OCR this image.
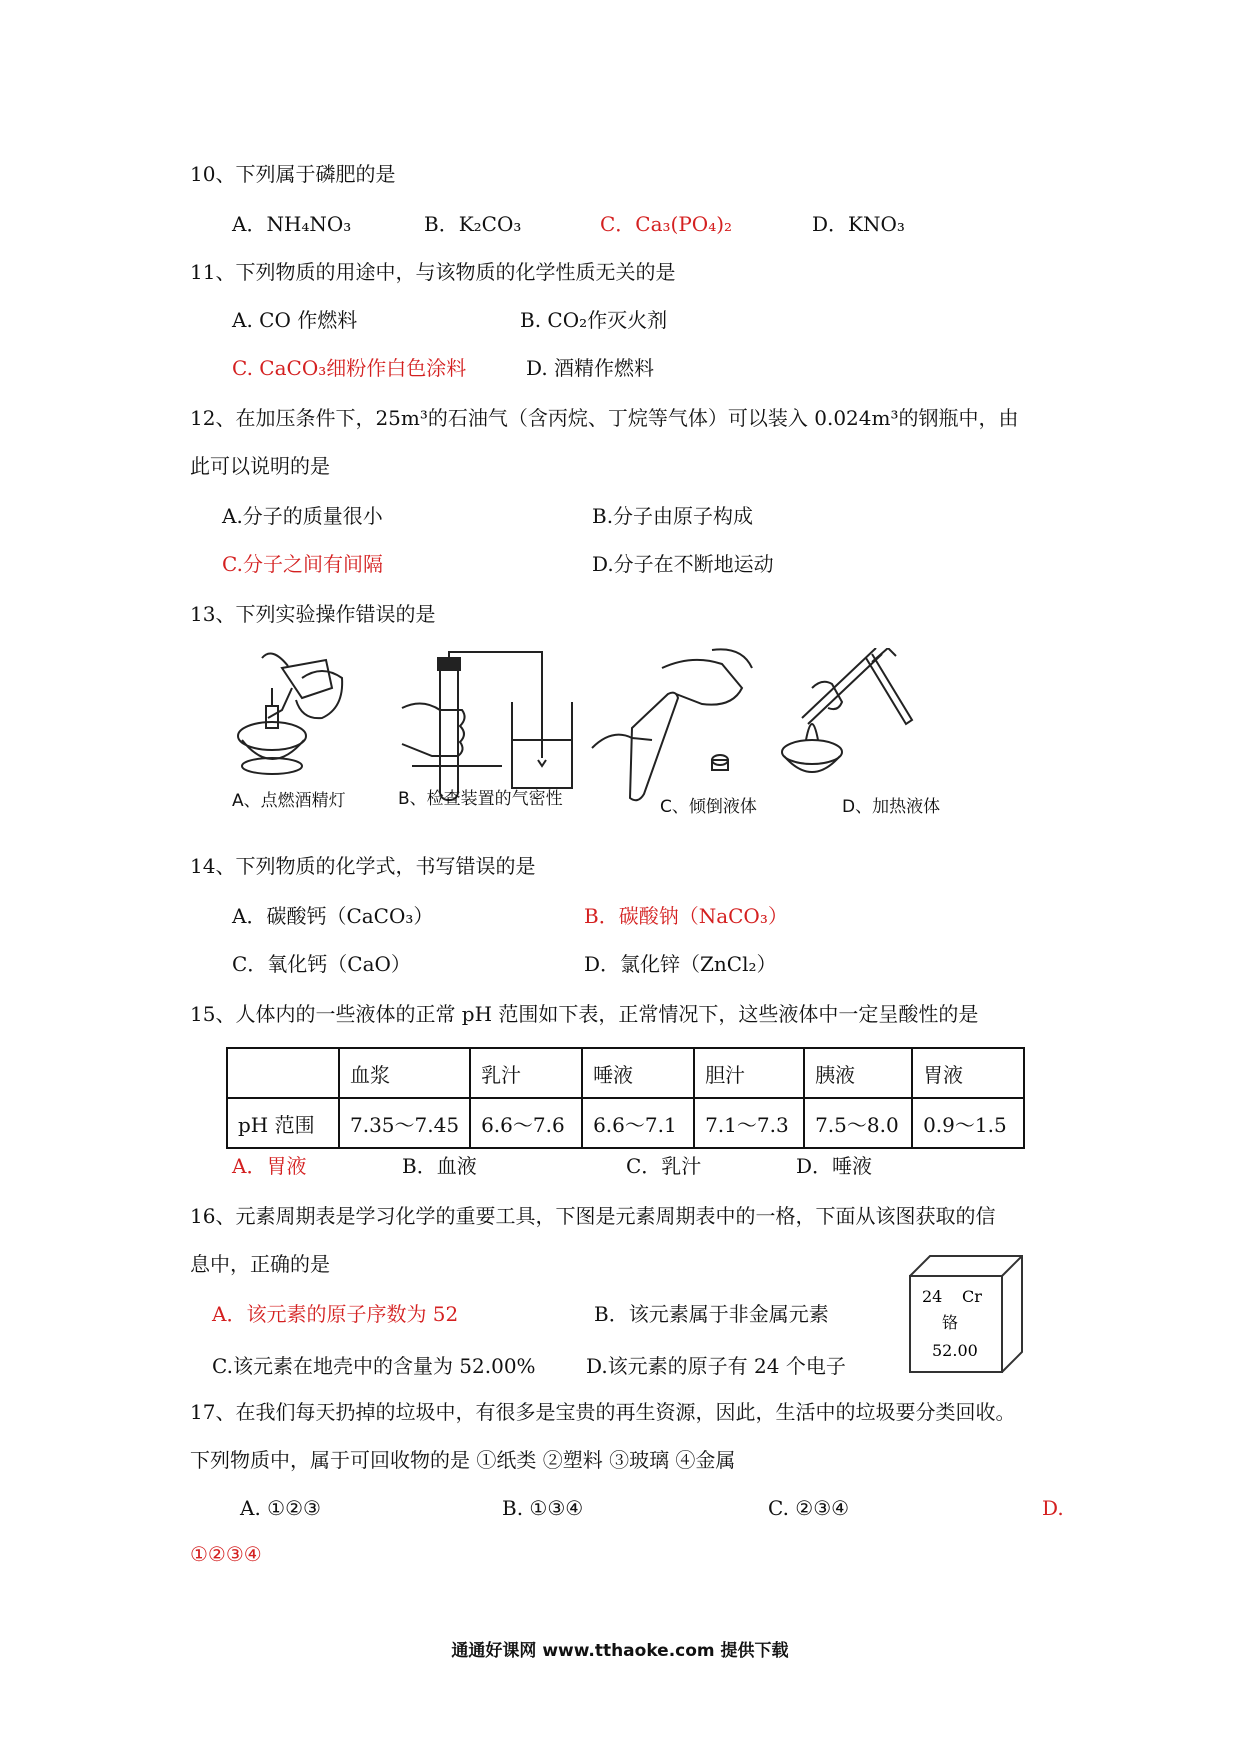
10、下列属于磷肥的是
A．NH₄NO₃	B．K₂CO₃	C．Ca₃(PO₄)₂	D．KNO₃
11、下列物质的用途中，与该物质的化学性质无关的是
A. CO 作燃料	B. CO₂作灭火剂
C. CaCO₃细粉作白色涂料	D. 酒精作燃料
12、在加压条件下，25m³的石油气（含丙烷、丁烷等气体）可以装入 0.024m³的钢瓶中，由
此可以说明的是
A.分子的质量很小	B.分子由原子构成
C.分子之间有间隔	D.分子在不断地运动
13、下列实验操作错误的是
A、点燃酒精灯	B、检查装置的气密性	C、倾倒液体	D、加热液体
14、下列物质的化学式，书写错误的是
A．碳酸钙（CaCO₃）	B．碳酸钠（NaCO₃）
C．氧化钙（CaO）	D．氯化锌（ZnCl₂）
15、人体内的一些液体的正常 pH 范围如下表，正常情况下，这些液体中一定呈酸性的是
	血浆	乳汁	唾液	胆汁	胰液	胃液
pH 范围	7.35～7.45	6.6～7.6	6.6～7.1	7.1～7.3	7.5～8.0	0.9～1.5
A．胃液	B．血液	C．乳汁	D．唾液
16、元素周期表是学习化学的重要工具，下图是元素周期表中的一格，下面从该图获取的信
息中，正确的是
A．该元素的原子序数为 52	B．该元素属于非金属元素
C.该元素在地壳中的含量为 52.00%	D.该元素的原子有 24 个电子
24 Cr
铬
52.00
17、在我们每天扔掉的垃圾中，有很多是宝贵的再生资源，因此，生活中的垃圾要分类回收。
下列物质中，属于可回收物的是 ①纸类 ②塑料 ③玻璃 ④金属
A. ①②③	B. ①③④	C. ②③④	D.
①②③④
通通好课网 www.tthaoke.com 提供下载
